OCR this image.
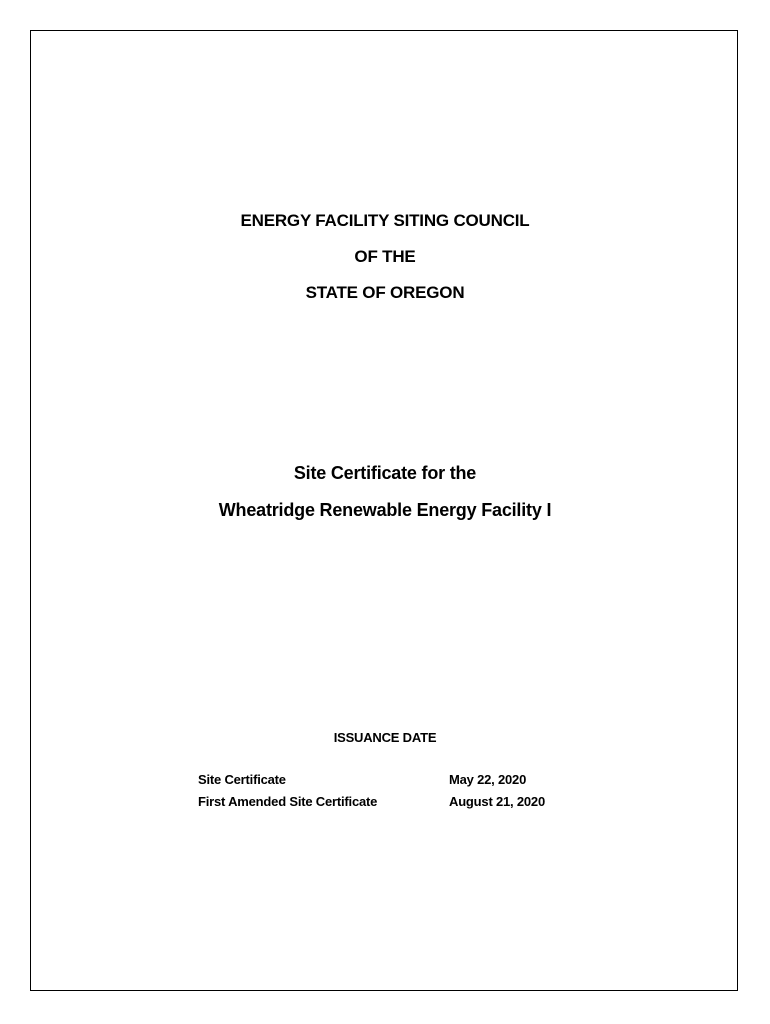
ENERGY FACILITY SITING COUNCIL
OF THE
STATE OF OREGON
Site Certificate for the
Wheatridge Renewable Energy Facility I
ISSUANCE DATE
Site Certificate	May 22, 2020
First Amended Site Certificate	August 21, 2020
